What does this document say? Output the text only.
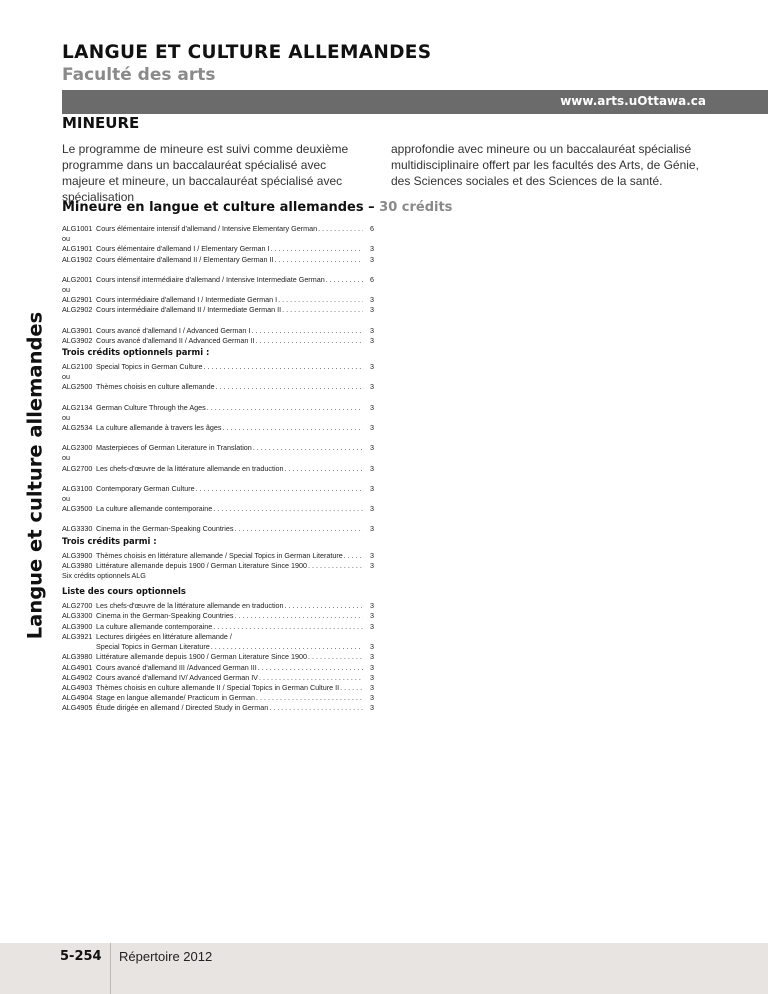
LANGUE ET CULTURE ALLEMANDES
Faculté des arts
www.arts.uOttawa.ca
Langue et culture allemandes
MINEURE

Le programme de mineure est suivi comme deuxième programme dans un baccalauréat spécialisé avec majeure et mineure, un baccalauréat spécialisé avec spécialisation

approfondie avec mineure ou un baccalauréat spécialisé multidisciplinaire offert par les facultés des Arts, de Génie, des Sciences sociales et des Sciences de la santé.

Mineure en langue et culture allemandes – 30 crédits
ALG1001 Cours élémentaire intensif d'allemand / Intensive Elementary German . . .	6
ou
ALG1901 Cours élémentaire d'allemand I / Elementary German I . . .	3
ALG1902 Cours élémentaire d'allemand II / Elementary German II . . .	3
ALG2001 Cours intensif intermédiaire d'allemand / Intensive Intermediate German . . .	6
ou
ALG2901 Cours intermédiaire d'allemand I / Intermediate German I . . .	3
ALG2902 Cours intermédiaire d'allemand II / Intermediate German II . . .	3
ALG3901 Cours avancé d'allemand I / Advanced German I . . .	3
ALG3902 Cours avancé d'allemand II / Advanced German II . . .	3
Trois crédits optionnels parmi :
ALG2100 Special Topics in German Culture . . .	3
ou
ALG2500 Thèmes choisis en culture allemande . . .	3
ALG2134 German Culture Through the Ages . . .	3
ou
ALG2534 La culture allemande à travers les âges . . .	3
ALG2300 Masterpieces of German Literature in Translation . . .	3
ou
ALG2700 Les chefs-d'œuvre de la littérature allemande en traduction . . .	3
ALG3100 Contemporary German Culture . . .	3
ou
ALG3500 La culture allemande contemporaine . . .	3
ALG3330 Cinema in the German-Speaking Countries . . .	3
Trois crédits parmi :
ALG3900 Thèmes choisis en littérature allemande / Special Topics in German Literature . . .	3
ALG3980 Littérature allemande depuis 1900 / German Literature Since 1900 . . .	3
Six crédits optionnels ALG
Liste des cours optionnels
ALG2700 Les chefs-d'œuvre de la littérature allemande en traduction . . .	3
ALG3300 Cinema in the German-Speaking Countries . . .	3
ALG3900 La culture allemande contemporaine . . .	3
ALG3921 Lectures dirigées en littérature allemande /
Special Topics in German Literature . . .	3
ALG3980 Littérature allemande depuis 1900 / German Literature Since 1900 . . .	3
ALG4901 Cours avancé d'allemand III /Advanced German III . . .	3
ALG4902 Cours avancé d'allemand IV/ Advanced German IV . . .	3
ALG4903 Thèmes choisis en culture allemande II / Special Topics in German Culture II . . .	3
ALG4904 Stage en langue allemande/ Practicum in German . . .	3
ALG4905 Étude dirigée en allemand / Directed Study in German . . .	3
5-254 Répertoire 2012
